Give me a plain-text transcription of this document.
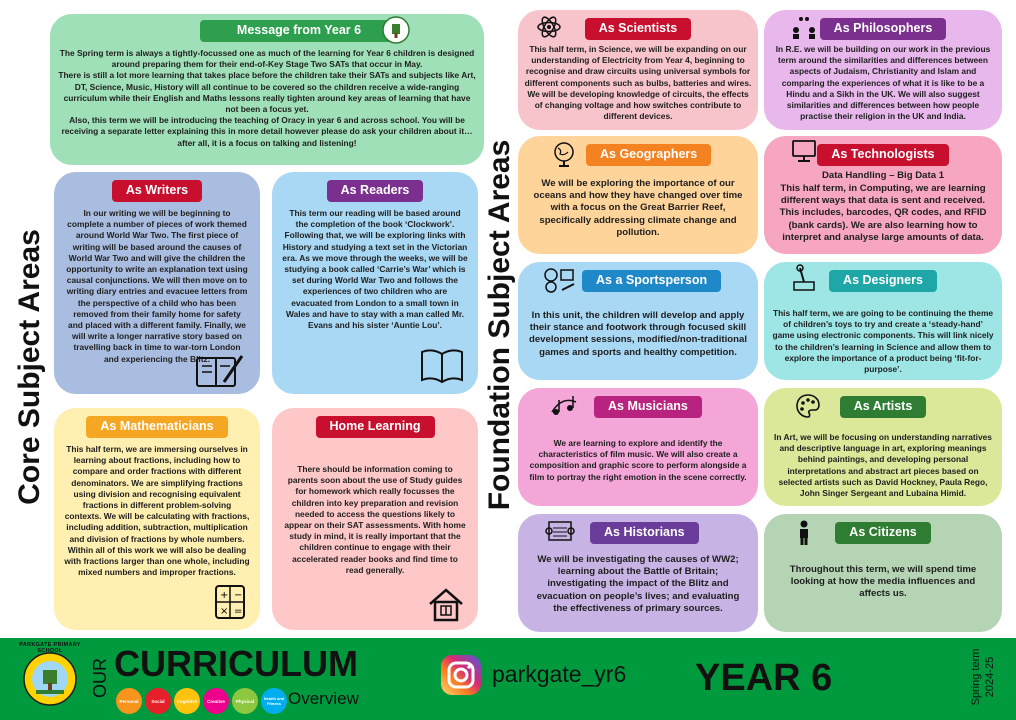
Core Subject Areas	Foundation Subject Areas
Message from Year 6
The Spring term is always a tightly-focussed one as much of the learning for Year 6 children is designed around preparing them for their end-of-Key Stage Two SATs that occur in May.
There is still a lot more learning that takes place before the children take their SATs and subjects like Art, DT, Science, Music, History will all continue to be covered so the children receive a wide-ranging curriculum while their English and Maths lessons really tighten around key areas of learning that have not been a focus yet.
Also, this term we will be introducing the teaching of Oracy in year 6 and across school. You will be receiving a separate letter explaining this in more detail however please do ask your children about it… after all, it is a focus on talking and listening!
As Writers
In our writing we will be beginning to complete a number of pieces of work themed around World War Two. The first piece of writing will be based around the causes of World War Two and will give the children the opportunity to write an explanation text using causal conjunctions. We will then move on to writing diary entries and evacuee letters from the perspective of a child who has been removed from their family home for safety and placed with a different family. Finally, we will write a longer narrative story based on travelling back in time to war-torn London and experiencing the Blitz.
As Readers
This term our reading will be based around the completion of the book ‘Clockwork’. Following that, we will be exploring links with History and studying a text set in the Victorian era. As we move through the weeks, we will be studying a book called ‘Carrie’s War’ which is set during World War Two and follows the experiences of two children who are evacuated from London to a small town in Wales and have to stay with a man called Mr. Evans and his sister ‘Auntie Lou’.
As Mathematicians
This half term, we are immersing ourselves in learning about fractions, including how to compare and order fractions with different denominators. We are simplifying fractions using division and recognising equivalent fractions in different problem-solving contexts. We will be calculating with fractions, including addition, subtraction, multiplication and division of fractions by whole numbers. Within all of this work we will also be dealing with fractions larger than one whole, including mixed numbers and improper fractions.
+ −
× =
Home Learning
There should be information coming to parents soon about the use of Study guides for homework which really focusses the children into key preparation and revision needed to access the questions likely to appear on their SAT assessments. With home study in mind, it is really important that the children continue to engage with their accelerated reader books and find time to read generally.
As Scientists
This half term, in Science, we will be expanding on our understanding of Electricity from Year 4, beginning to recognise and draw circuits using universal symbols for different components such as bulbs, batteries and wires. We will be developing knowledge of circuits, the effects of changing voltage and how switches contribute to different devices.
As Philosophers
In R.E. we will be building on our work in the previous term around the similarities and differences between aspects of Judaism, Christianity and Islam and comparing the experiences of what it is like to be a Hindu and a Sikh in the UK. We will also suggest similarities and differences between how people practise their religion in the UK and India.
As Geographers
We will be exploring the importance of our oceans and how they have changed over time with a focus on the Great Barrier Reef, specifically addressing climate change and pollution.
As Technologists
Data Handling – Big Data 1
This half term, in Computing, we are learning different ways that data is sent and received. This includes, barcodes, QR codes, and RFID (bank cards). We are also learning how to interpret and analyse large amounts of data.
As a Sportsperson
In this unit, the children will develop and apply their stance and footwork through focused skill development sessions, modified/non-traditional games and sports and healthy competition.
As Designers
This half term, we are going to be continuing the theme of children’s toys to try and create a ‘steady-hand’ game using electronic components. This will link nicely to the children’s learning in Science and allow them to explore the importance of a product being ‘fit-for-purpose’.
As Musicians
We are learning to explore and identify the characteristics of film music. We will also create a composition and graphic score to perform alongside a film to portray the right emotion in the scene correctly.
As Artists
In Art, we will be focusing on understanding narratives and descriptive language in art, exploring meanings behind paintings, and developing personal interpretations and abstract art pieces based on selected artists such as David Hockney, Paula Rego, John Singer Sergeant and Lubaina Himid.
As Historians
We will be investigating the causes of WW2; learning about the Battle of Britain; investigating the impact of the Blitz and evacuation on people’s lives; and evaluating the effectiveness of primary sources.
As Citizens
Throughout this term, we will spend time looking at how the media influences and affects us.
PARKGATE PRIMARY SCHOOL
OUR CURRICULUM
Overview
Personal	Social	Cognitive	Creative	Physical	Health and Fitness
parkgate_yr6 YEAR 6	Spring term 2024-25
